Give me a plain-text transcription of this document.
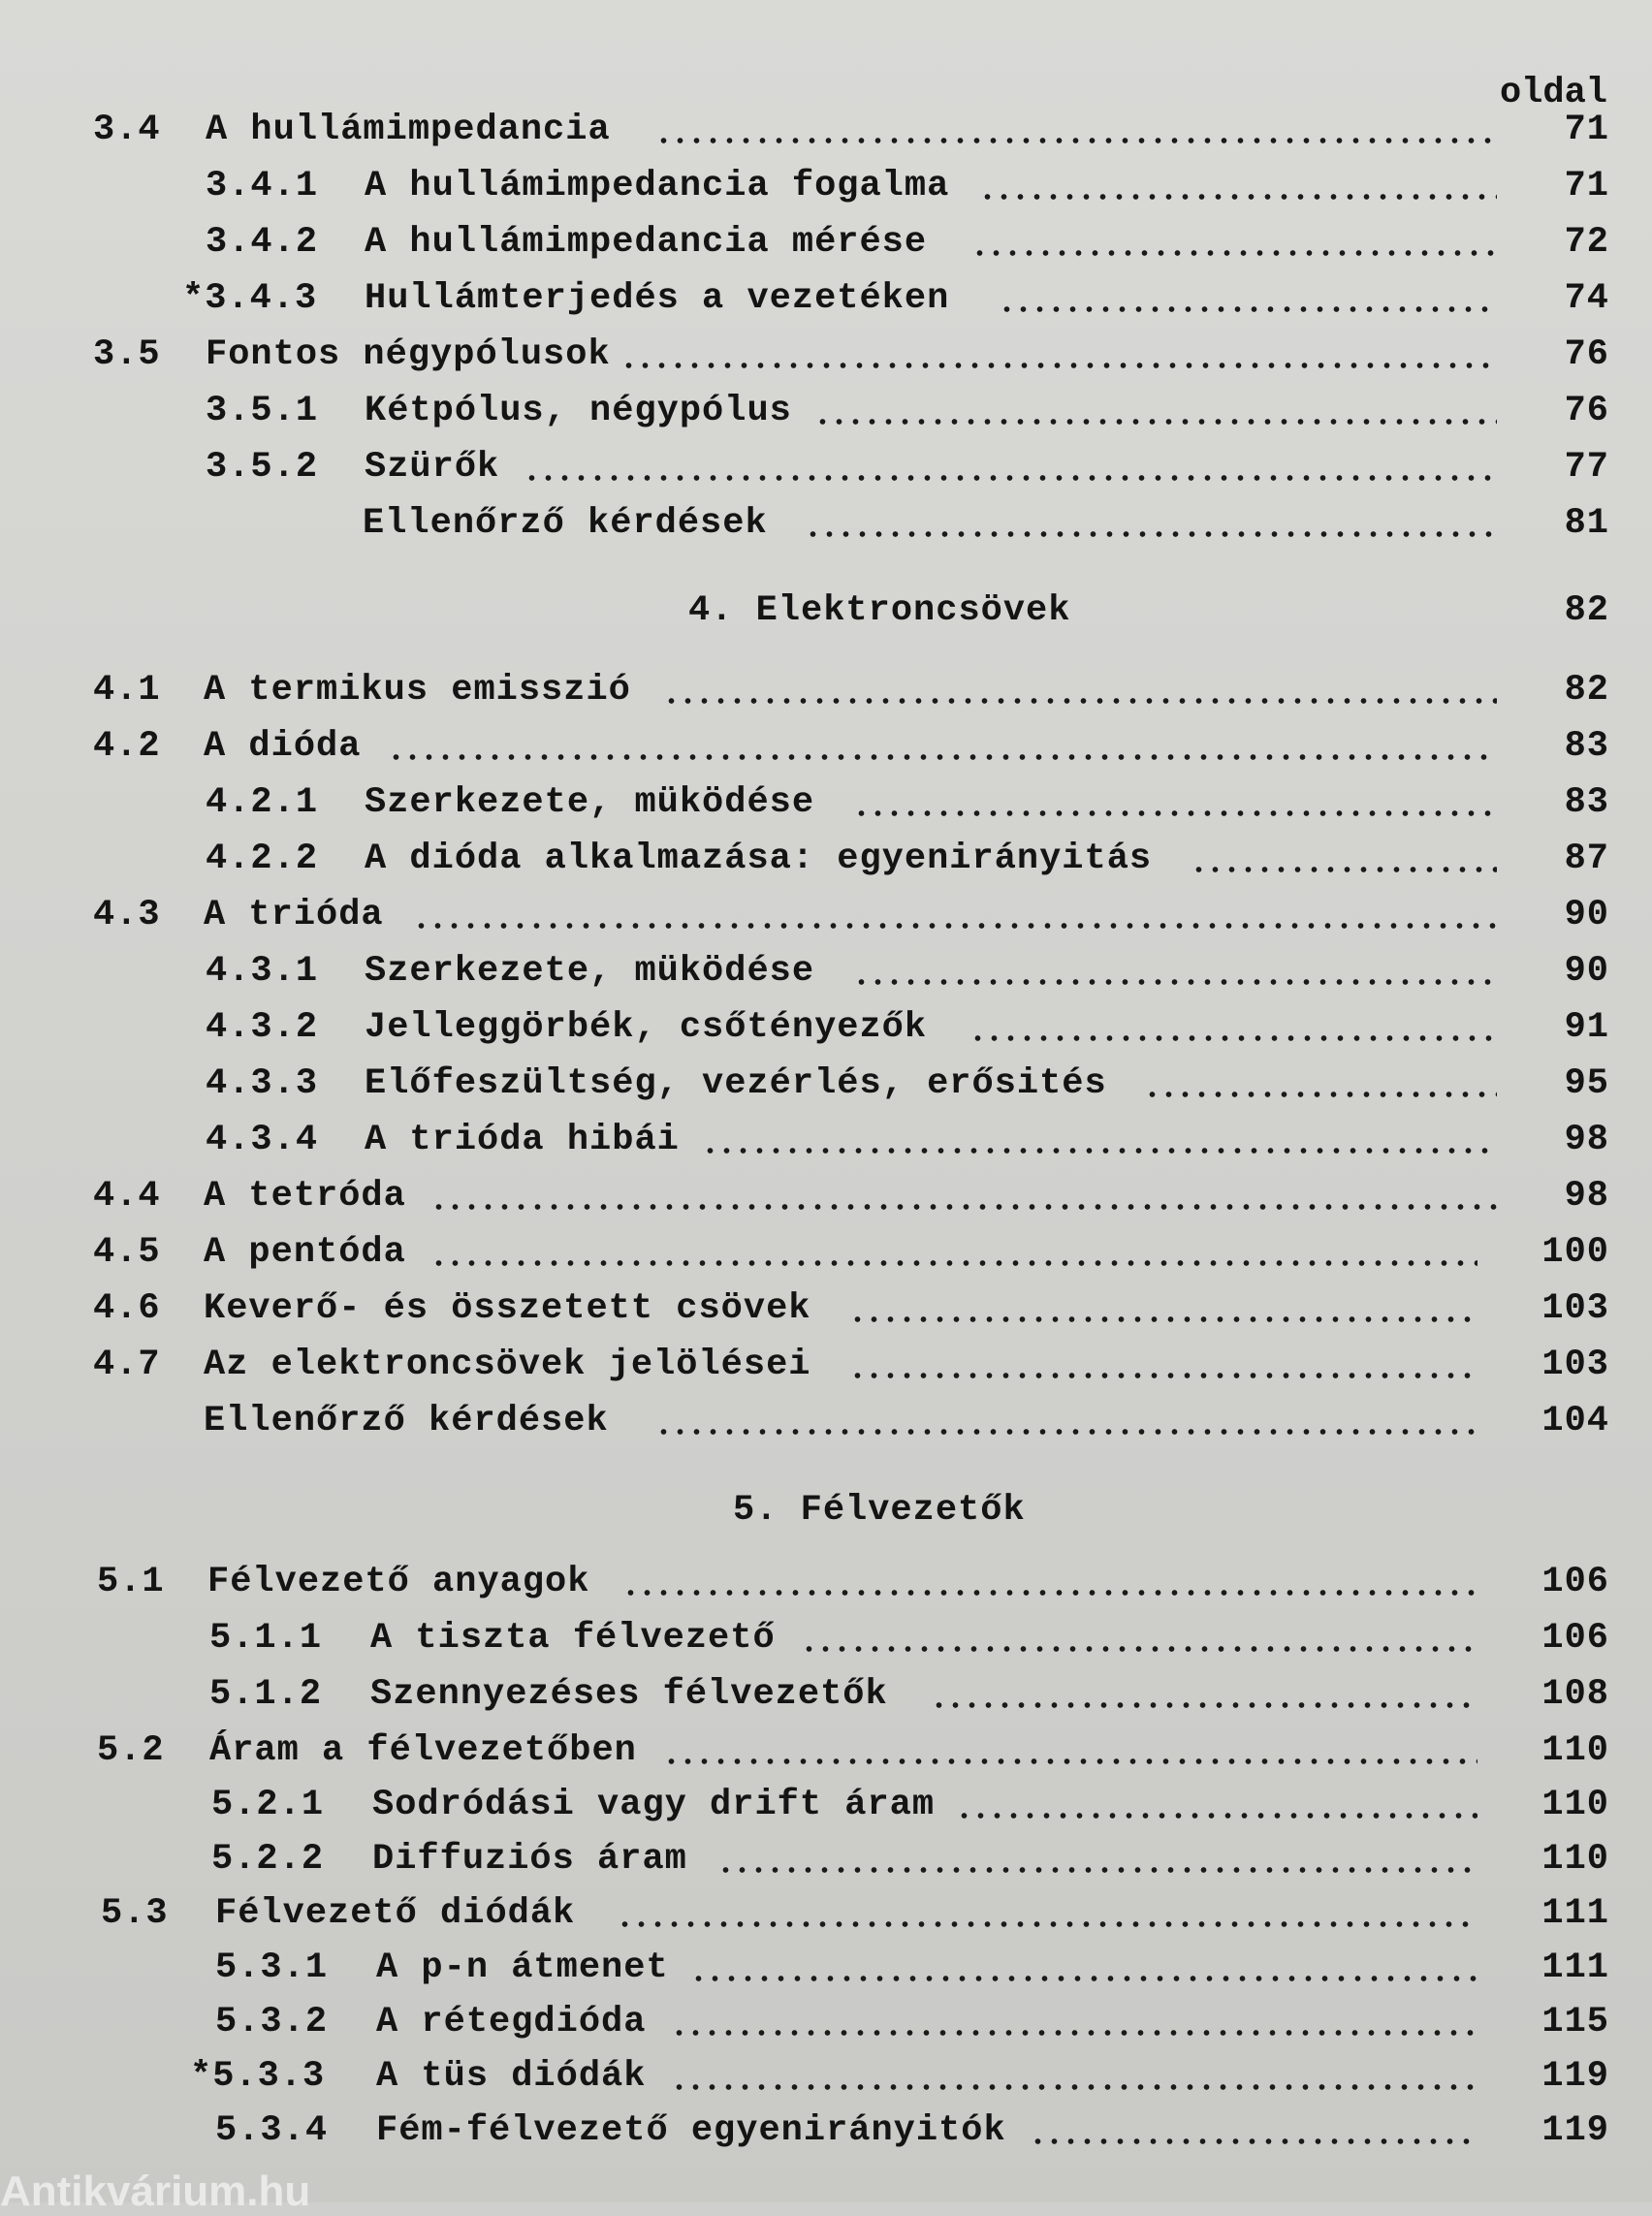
oldal
3.4 A hullámimpedancia	71
3.4.1 A hullámimpedancia fogalma	71
3.4.2 A hullámimpedancia mérése	72
*3.4.3 Hullámterjedés a vezetéken	74
3.5 Fontos négypólusok	76
3.5.1 Kétpólus, négypólus	76
3.5.2 Szürők	77
Ellenőrző kérdések	81
4. Elektroncsövek	82
4.1 A termikus emisszió	82
4.2 A dióda	83
4.2.1 Szerkezete, müködése	83
4.2.2 A dióda alkalmazása: egyenirányitás	87
4.3 A trióda	90
4.3.1 Szerkezete, müködése	90
4.3.2 Jelleggörbék, csőtényezők	91
4.3.3 Előfeszültség, vezérlés, erősités	95
4.3.4 A trióda hibái	98
4.4 A tetróda	98
4.5 A pentóda	100
4.6 Keverő- és összetett csövek	103
4.7 Az elektroncsövek jelölései	103
Ellenőrző kérdések	104
5. Félvezetők
5.1 Félvezető anyagok	106
5.1.1 A tiszta félvezető	106
5.1.2 Szennyezéses félvezetők	108
5.2 Áram a félvezetőben	110
5.2.1 Sodródási vagy drift áram	110
5.2.2 Diffuziós áram	110
5.3 Félvezető diódák	111
5.3.1 A p-n átmenet	111
5.3.2 A rétegdióda	115
*5.3.3 A tüs diódák	119
5.3.4 Fém-félvezető egyenirányitók	119
Antikvárium.hu
